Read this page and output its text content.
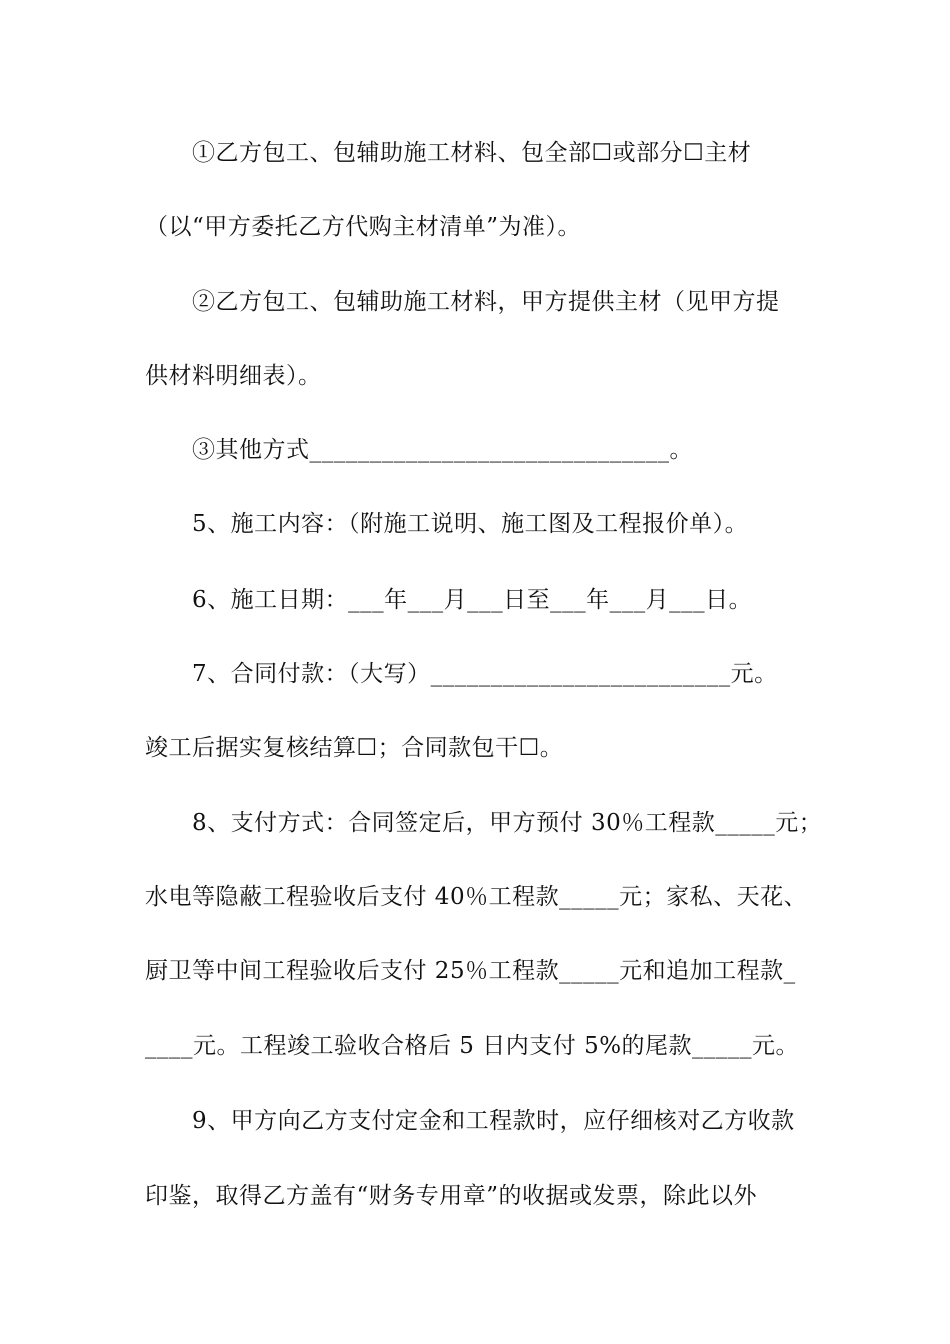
①乙方包工、包辅助施工材料、包全部☐或部分☐主材
（以“甲方委托乙方代购主材清单”为准）。
②乙方包工、包辅助施工材料，甲方提供主材（见甲方提
供材料明细表）。
③其他方式______________________________。
5、施工内容：（附施工说明、施工图及工程报价单）。
6、施工日期：___年___月___日至___年___月___日。
7、合同付款：（大写）_________________________元。
竣工后据实复核结算☐；合同款包干☐。
8、支付方式：合同签定后，甲方预付 30％工程款_____元；
水电等隐蔽工程验收后支付 40％工程款_____元；家私、天花、
厨卫等中间工程验收后支付 25％工程款_____元和追加工程款_
____元。工程竣工验收合格后 5 日内支付 5%的尾款_____元。
9、甲方向乙方支付定金和工程款时，应仔细核对乙方收款
印鉴，取得乙方盖有“财务专用章”的收据或发票，除此以外
